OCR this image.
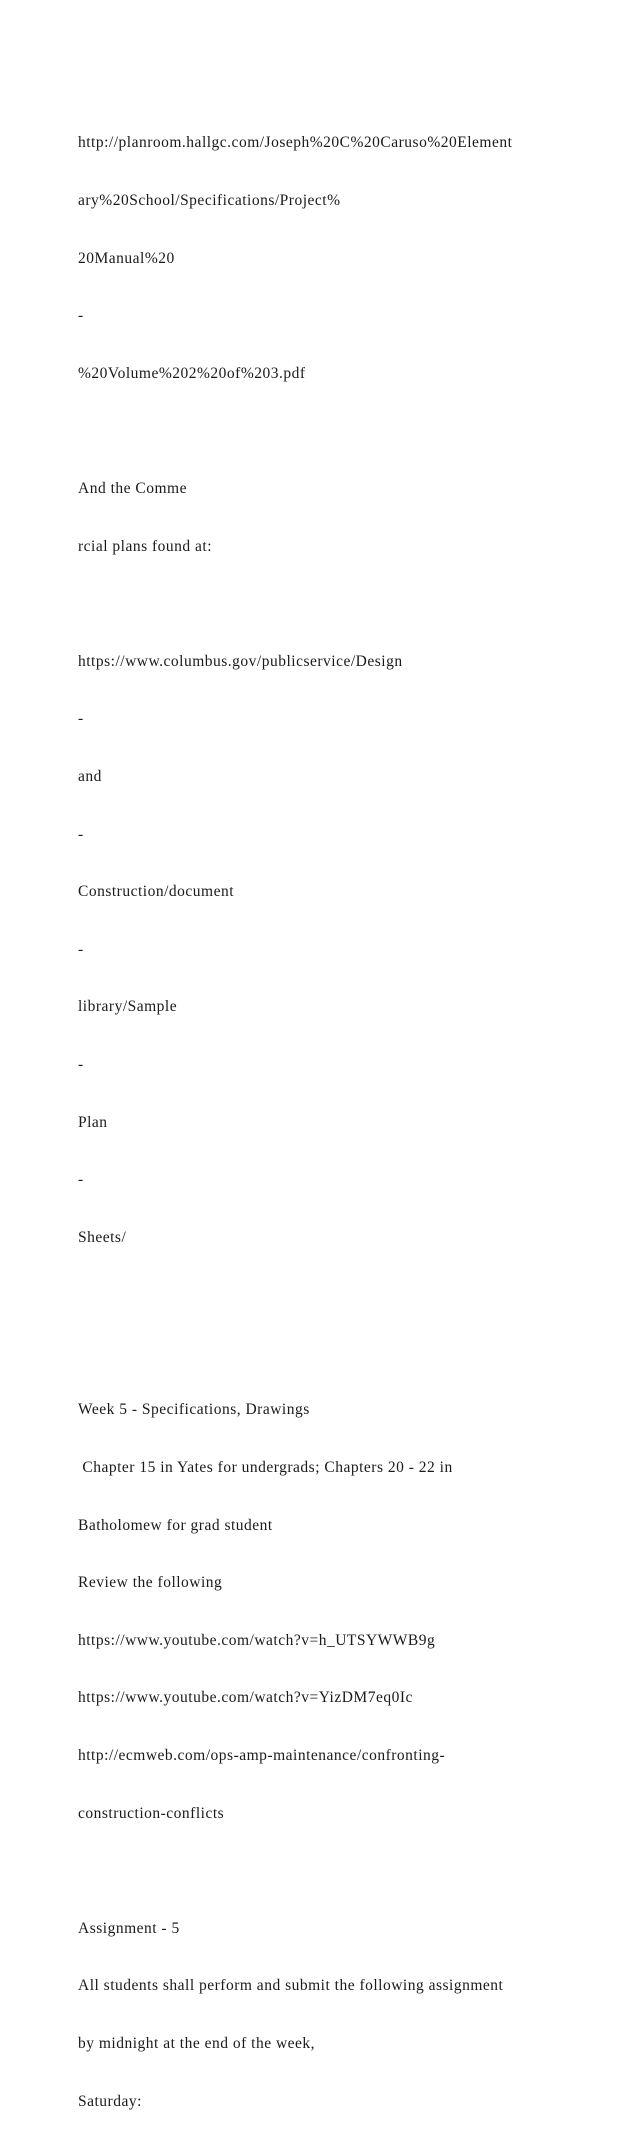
http://planroom.hallgc.com/Joseph%20C%20Caruso%20Element

ary%20School/Specifications/Project%

20Manual%20

-

%20Volume%202%20of%203.pdf

And the Comme

rcial plans found at:

https://www.columbus.gov/publicservice/Design

-

and

-

Construction/document

-

library/Sample

-

Plan

-

Sheets/

Week 5 - Specifications, Drawings

Chapter 15 in Yates for undergrads; Chapters 20 - 22 in

Batholomew for grad student

Review the following

https://www.youtube.com/watch?v=h_UTSYWWB9g

https://www.youtube.com/watch?v=YizDM7eq0Ic

http://ecmweb.com/ops-amp-maintenance/confronting-

construction-conflicts

Assignment - 5

All students shall perform and submit the following assignment

by midnight at the end of the week,

Saturday:
